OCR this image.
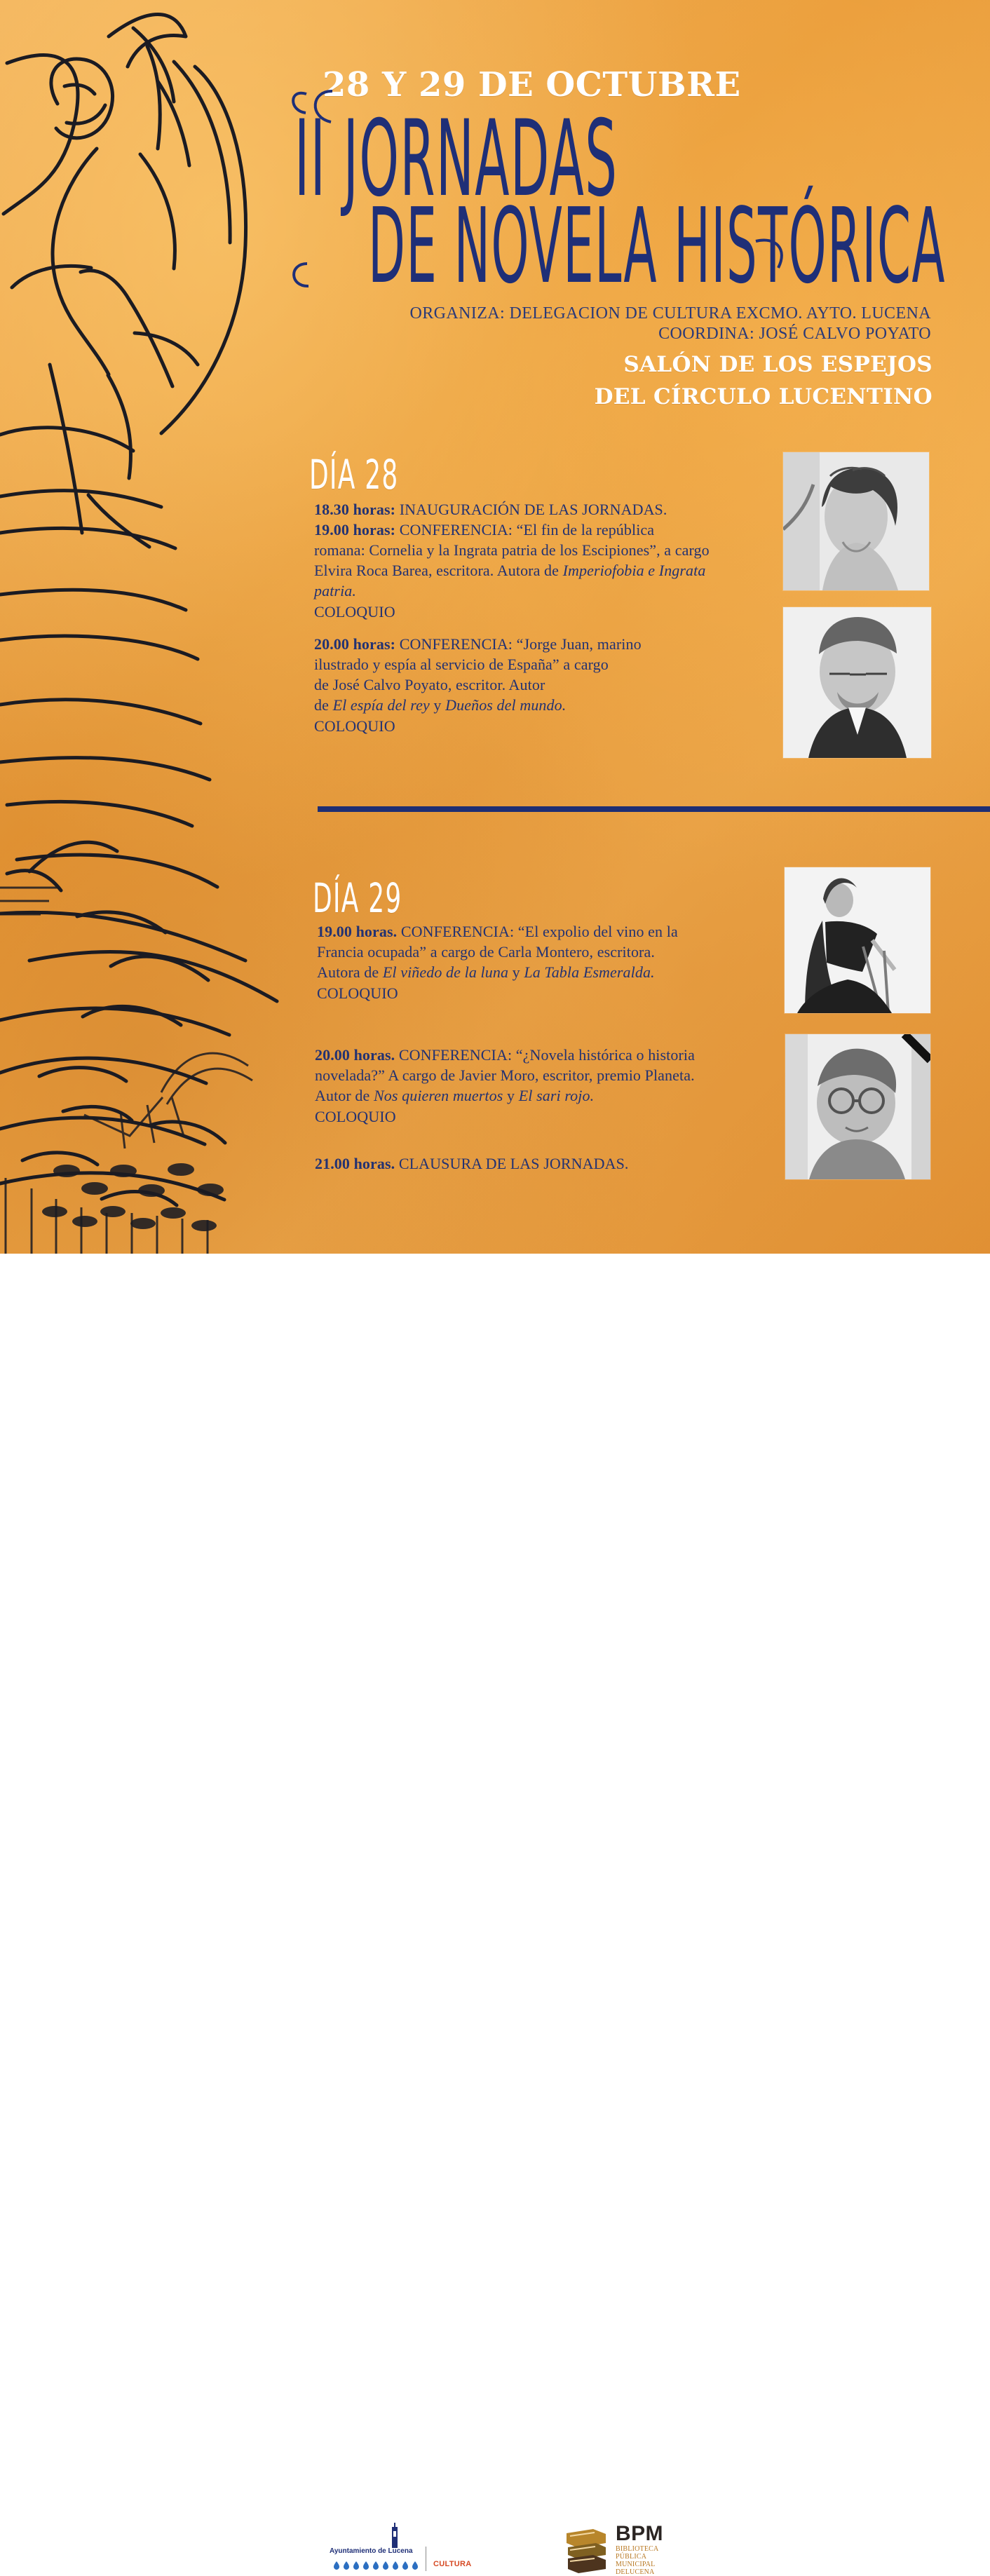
28 Y 29 DE OCTUBRE
II JORNADAS
DE NOVELA HISTÓRICA
ORGANIZA: DELEGACION DE CULTURA EXCMO. AYTO. LUCENA
COORDINA: JOSÉ CALVO POYATO
SALÓN DE LOS ESPEJOS
DEL CÍRCULO LUCENTINO
DÍA 28

18.30 horas: INAUGURACIÓN DE LAS JORNADAS.

19.00 horas: CONFERENCIA: “El fin de la república

romana: Cornelia y la Ingrata patria de los Escipiones”, a cargo

Elvira Roca Barea, escritora. Autora de Imperiofobia e Ingrata

patria.

COLOQUIO

20.00 horas: CONFERENCIA: “Jorge Juan, marino

ilustrado y espía al servicio de España” a cargo

de José Calvo Poyato, escritor. Autor

de El espía del rey y Dueños del mundo.

COLOQUIO

DÍA 29

19.00 horas. CONFERENCIA: “El expolio del vino en la

Francia ocupada” a cargo de Carla Montero, escritora.

Autora de El viñedo de la luna y La Tabla Esmeralda.

COLOQUIO

20.00 horas. CONFERENCIA: “¿Novela histórica o historia

novelada?” A cargo de Javier Moro, escritor, premio Planeta.

Autor de Nos quieren muertos y El sari rojo.

COLOQUIO

21.00 horas. CLAUSURA DE LAS JORNADAS.

Ayuntamiento de Lucena
CULTURA
BPM
BIBLIOTECA
PÚBLICA
MUNICIPAL
DELUCENA
